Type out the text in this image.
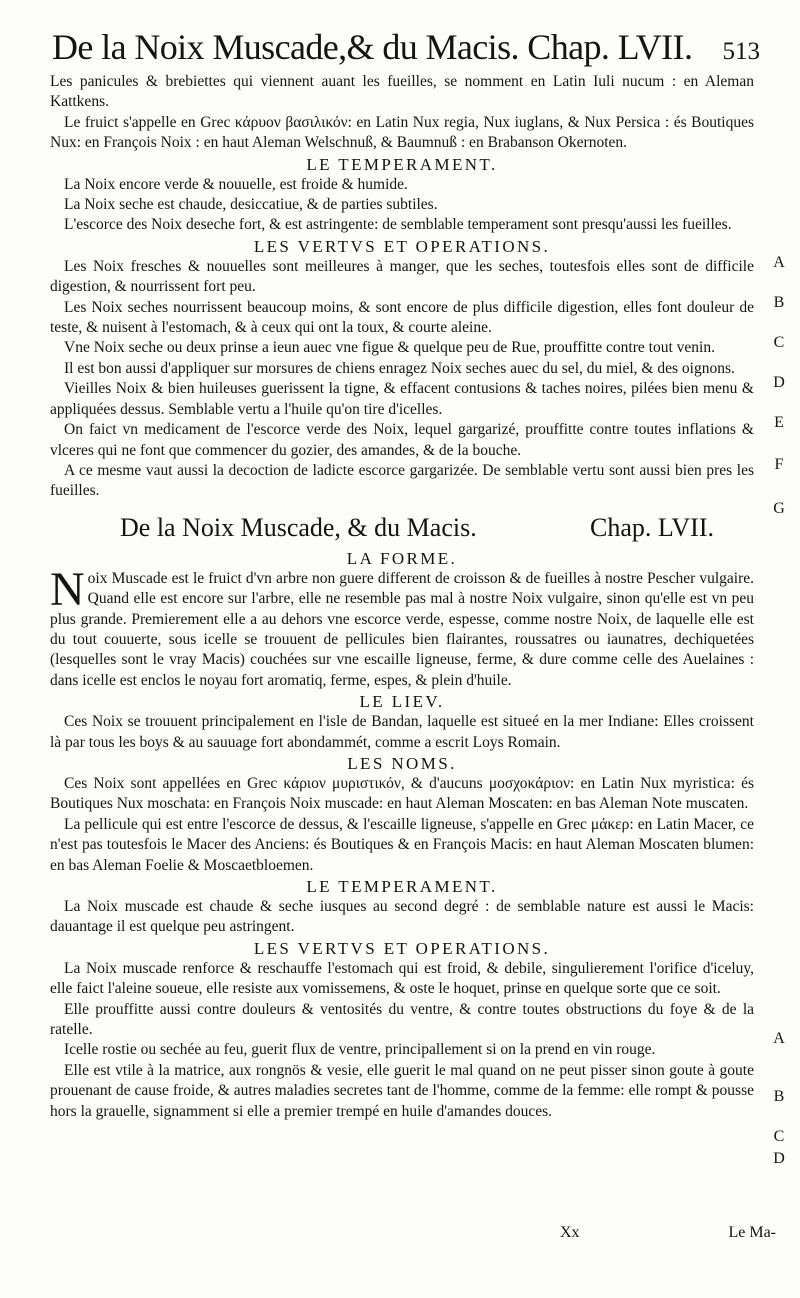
De la Noix Muscade,& du Macis. Chap. LVII. 513

Les panicules & brebiettes qui viennent auant les fueilles, se nomment en Latin Iuli nucum : en Aleman Kattkens.

Le fruict s'appelle en Grec κάρυον βασιλικόν: en Latin Nux regia, Nux iuglans, & Nux Persica : és Boutiques Nux: en François Noix : en haut Aleman Welschnuß, & Baumnuß : en Brabanson Okernoten.

LE TEMPERAMENT.

La Noix encore verde & nouuelle, est froide & humide.

La Noix seche est chaude, desiccatiue, & de parties subtiles.

L'escorce des Noix deseche fort, & est astringente: de semblable temperament sont presqu'aussi les fueilles.

LES VERTVS ET OPERATIONS.

Les Noix fresches & nouuelles sont meilleures à manger, que les seches, toutesfois elles sont de difficile digestion, & nourrissent fort peu.

Les Noix seches nourrissent beaucoup moins, & sont encore de plus difficile digestion, elles font douleur de teste, & nuisent à l'estomach, & à ceux qui ont la toux, & courte aleine.

Vne Noix seche ou deux prinse a ieun auec vne figue & quelque peu de Rue, prouffitte contre tout venin.

Il est bon aussi d'appliquer sur morsures de chiens enragez Noix seches auec du sel, du miel, & des oignons.

Vieilles Noix & bien huileuses guerissent la tigne, & effacent contusions & taches noires, pilées bien menu & appliquées dessus. Semblable vertu a l'huile qu'on tire d'icelles.

On faict vn medicament de l'escorce verde des Noix, lequel gargarizé, prouffitte contre toutes inflations & vlceres qui ne font que commencer du gozier, des amandes, & de la bouche.

A ce mesme vaut aussi la decoction de ladicte escorce gargarizée. De semblable vertu sont aussi bien pres les fueilles.

De la Noix Muscade, & du Macis.	Chap. LVII.
LA FORME.

Noix Muscade est le fruict d'vn arbre non guere different de croisson & de fueilles à nostre Pescher vulgaire. Quand elle est encore sur l'arbre, elle ne resemble pas mal à nostre Noix vulgaire, sinon qu'elle est vn peu plus grande. Premierement elle a au dehors vne escorce verde, espesse, comme nostre Noix, de laquelle elle est du tout couuerte, sous icelle se trouuent de pellicules bien flairantes, roussatres ou iaunatres, dechiquetées (lesquelles sont le vray Macis) couchées sur vne escaille ligneuse, ferme, & dure comme celle des Auelaines : dans icelle est enclos le noyau fort aromatiq, ferme, espes, & plein d'huile.

LE LIEV.

Ces Noix se trouuent principalement en l'isle de Bandan, laquelle est situeé en la mer Indiane: Elles croissent là par tous les boys & au sauuage fort abondammét, comme a escrit Loys Romain.

LES NOMS.

Ces Noix sont appellées en Grec κάριον μυριστικόν, & d'aucuns μοσχοκάριον: en Latin Nux myristica: és Boutiques Nux moschata: en François Noix muscade: en haut Aleman Moscaten: en bas Aleman Note muscaten.

La pellicule qui est entre l'escorce de dessus, & l'escaille ligneuse, s'appelle en Grec μάκερ: en Latin Macer, ce n'est pas toutesfois le Macer des Anciens: és Boutiques & en François Macis: en haut Aleman Moscaten blumen: en bas Aleman Foelie & Moscaetbloemen.

LE TEMPERAMENT.

La Noix muscade est chaude & seche iusques au second degré : de semblable nature est aussi le Macis: dauantage il est quelque peu astringent.

LES VERTVS ET OPERATIONS.

La Noix muscade renforce & reschauffe l'estomach qui est froid, & debile, singulierement l'orifice d'iceluy, elle faict l'aleine soueue, elle resiste aux vomissemens, & oste le hoquet, prinse en quelque sorte que ce soit.

Elle prouffitte aussi contre douleurs & ventosités du ventre, & contre toutes obstructions du foye & de la ratelle.

Icelle rostie ou sechée au feu, guerit flux de ventre, principallement si on la prend en vin rouge.

Elle est vtile à la matrice, aux rongnös & vesie, elle guerit le mal quand on ne peut pisser sinon goute à goute prouenant de cause froide, & autres maladies secretes tant de l'homme, comme de la femme: elle rompt & pousse hors la grauelle, signamment si elle a premier trempé en huile d'amandes douces.

A
B
C
D
E
F
G
A
B
C
D
Xx	Le Ma-
